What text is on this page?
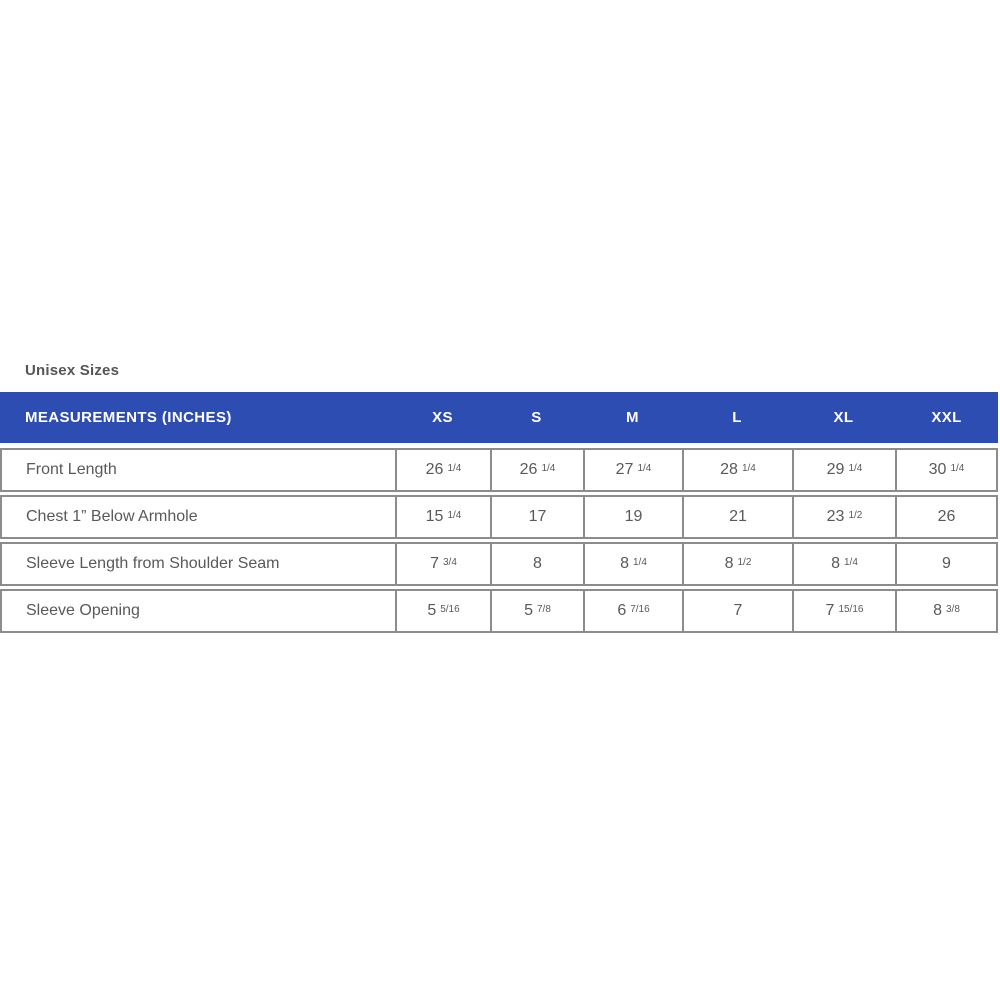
Unisex Sizes
MEASUREMENTS (INCHES)	XS	S	M	L	XL	XXL
Front Length	26 1/4	26 1/4	27 1/4	28 1/4	29 1/4	30 1/4
Chest 1” Below Armhole	15 1/4	17	19	21	23 1/2	26
Sleeve Length from Shoulder Seam	7 3/4	8	8 1/4	8 1/2	8 1/4	9
Sleeve Opening	5 5/16	5 7/8	6 7/16	7	7 15/16	8 3/8
